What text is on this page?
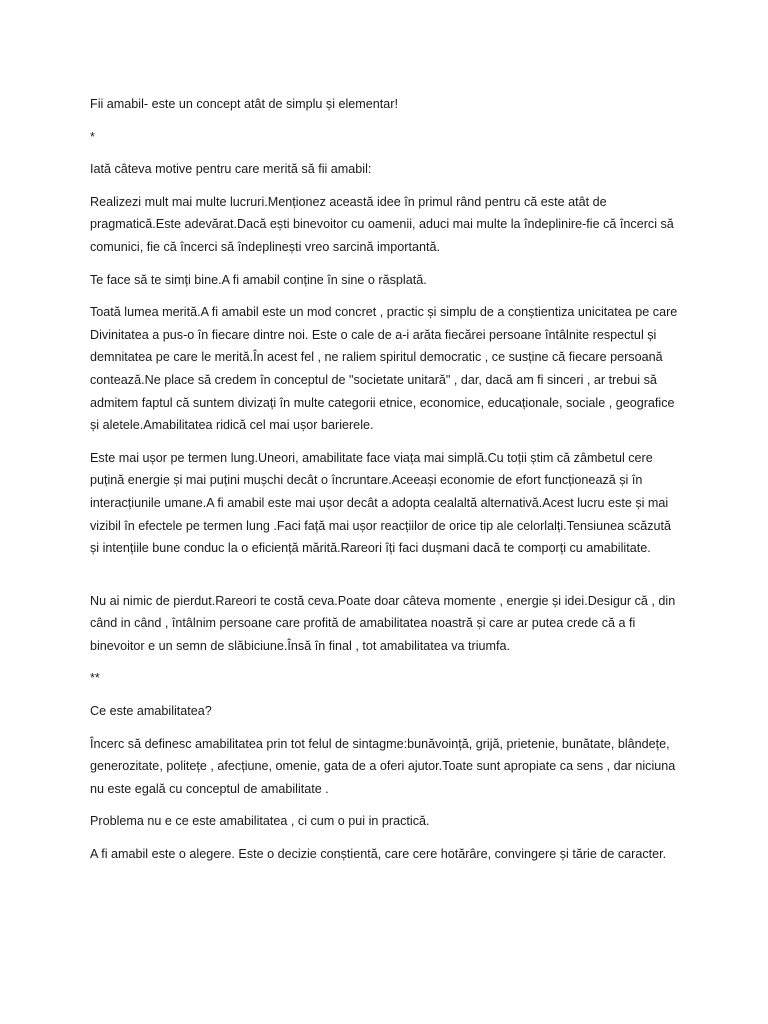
Fii amabil- este un concept atât de simplu și elementar!

*

Iată câteva motive pentru care merită să fii amabil:

Realizezi mult mai multe lucruri.Menționez această idee în primul rând pentru că este atât de pragmatică.Este adevărat.Dacă ești binevoitor cu oamenii, aduci mai multe la îndeplinire-fie că încerci să comunici, fie că încerci să îndeplinești vreo sarcină importantă.

Te face să te simți bine.A fi amabil conține în sine o răsplată.

Toată lumea merită.A fi amabil este un mod concret , practic și simplu de a conștientiza unicitatea pe care Divinitatea a pus-o în fiecare dintre noi. Este o cale de a-i arăta fiecărei persoane întâlnite respectul și demnitatea pe care le merită.În acest fel , ne raliem spiritul democratic , ce susține că fiecare persoană contează.Ne place să credem în conceptul de "societate unitară" , dar, dacă am fi sinceri , ar trebui să admitem faptul că suntem divizați în multe categorii etnice, economice, educaționale, sociale , geografice și aletele.Amabilitatea ridică cel mai ușor barierele.

Este mai ușor pe termen lung.Uneori, amabilitate face viața mai simplă.Cu toții știm că zâmbetul cere puțină energie și mai puțini mușchi decât o încruntare.Aceeași economie de efort funcționează și în interacțiunile umane.A fi amabil este mai ușor decât a adopta cealaltă alternativă.Acest lucru este și mai vizibil în efectele pe termen lung .Faci față mai ușor reacțiilor de orice tip ale celorlalți.Tensiunea scăzută și intențiile bune conduc la o eficiență mărită.Rareori îți faci dușmani dacă te comporți cu amabilitate.

Nu ai nimic de pierdut.Rareori te costă ceva.Poate doar câteva momente , energie și idei.Desigur că , din când in când , întâlnim persoane care profită de amabilitatea noastră și care ar putea crede că a fi binevoitor e un semn de slăbiciune.Însă în final , tot amabilitatea va triumfa.

**

Ce este amabilitatea?

Încerc să definesc amabilitatea prin tot felul de sintagme:bunăvoință, grijă, prietenie, bunătate, blândețe, generozitate, politețe , afecțiune, omenie, gata de a oferi ajutor.Toate sunt apropiate ca sens , dar niciuna nu este egală cu conceptul de amabilitate .

Problema nu e ce este amabilitatea , ci cum o pui in practică.

A fi amabil este o alegere. Este o decizie conștientă, care cere hotărâre, convingere și tărie de caracter.
